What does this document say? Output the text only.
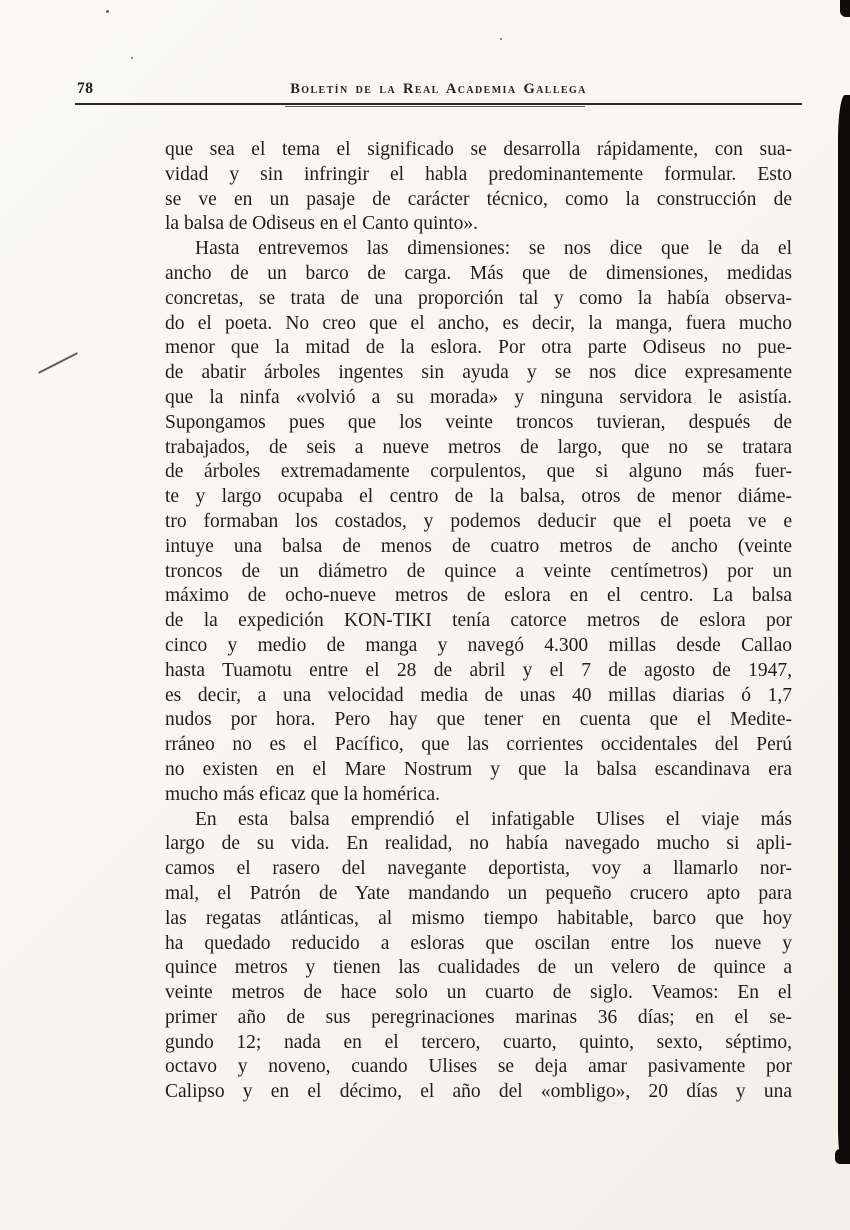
78	Boletín de la Real Academia Gallega
que sea el tema el significado se desarrolla rápidamente, con sua-
vidad y sin infringir el habla predominantemente formular. Esto
se ve en un pasaje de carácter técnico, como la construcción de
la balsa de Odiseus en el Canto quinto».
Hasta entrevemos las dimensiones: se nos dice que le da el
ancho de un barco de carga. Más que de dimensiones, medidas
concretas, se trata de una proporción tal y como la había observa-
do el poeta. No creo que el ancho, es decir, la manga, fuera mucho
menor que la mitad de la eslora. Por otra parte Odiseus no pue-
de abatir árboles ingentes sin ayuda y se nos dice expresamente
que la ninfa «volvió a su morada» y ninguna servidora le asistía.
Supongamos pues que los veinte troncos tuvieran, después de
trabajados, de seis a nueve metros de largo, que no se tratara
de árboles extremadamente corpulentos, que si alguno más fuer-
te y largo ocupaba el centro de la balsa, otros de menor diáme-
tro formaban los costados, y podemos deducir que el poeta ve e
intuye una balsa de menos de cuatro metros de ancho (veinte
troncos de un diámetro de quince a veinte centímetros) por un
máximo de ocho-nueve metros de eslora en el centro. La balsa
de la expedición KON-TIKI tenía catorce metros de eslora por
cinco y medio de manga y navegó 4.300 millas desde Callao
hasta Tuamotu entre el 28 de abril y el 7 de agosto de 1947,
es decir, a una velocidad media de unas 40 millas diarias ó 1,7
nudos por hora. Pero hay que tener en cuenta que el Medite-
rráneo no es el Pacífico, que las corrientes occidentales del Perú
no existen en el Mare Nostrum y que la balsa escandinava era
mucho más eficaz que la homérica.
En esta balsa emprendió el infatigable Ulises el viaje más
largo de su vida. En realidad, no había navegado mucho si apli-
camos el rasero del navegante deportista, voy a llamarlo nor-
mal, el Patrón de Yate mandando un pequeño crucero apto para
las regatas atlánticas, al mismo tiempo habitable, barco que hoy
ha quedado reducido a esloras que oscilan entre los nueve y
quince metros y tienen las cualidades de un velero de quince a
veinte metros de hace solo un cuarto de siglo. Veamos: En el
primer año de sus peregrinaciones marinas 36 días; en el se-
gundo 12; nada en el tercero, cuarto, quinto, sexto, séptimo,
octavo y noveno, cuando Ulises se deja amar pasivamente por
Calipso y en el décimo, el año del «ombligo», 20 días y una
